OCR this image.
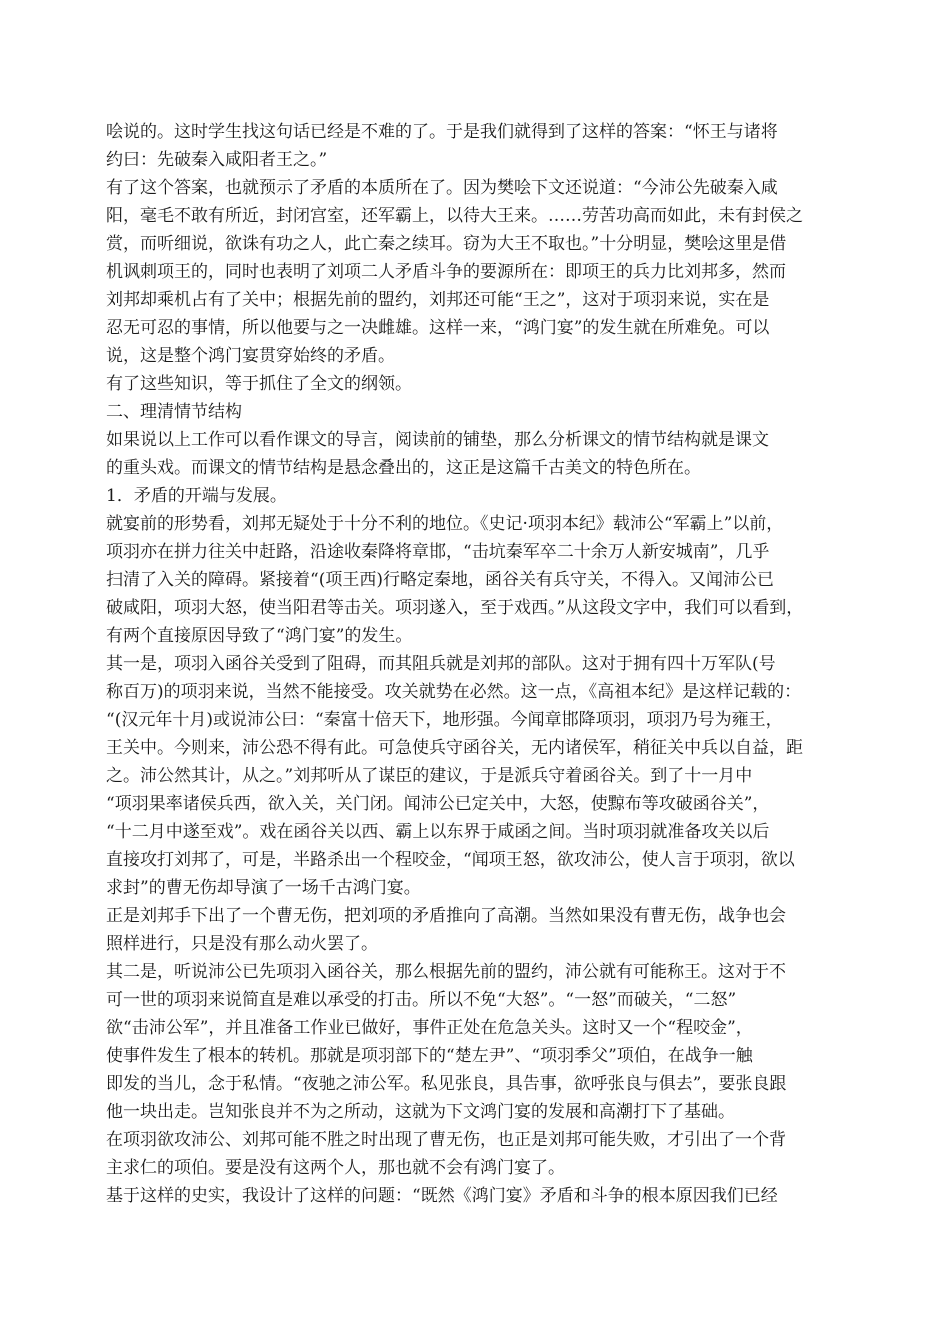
哙说的。这时学生找这句话已经是不难的了。于是我们就得到了这样的答案：“怀王与诸将
约曰：先破秦入咸阳者王之。”
有了这个答案，也就预示了矛盾的本质所在了。因为樊哙下文还说道：“今沛公先破秦入咸
阳，毫毛不敢有所近，封闭宫室，还军霸上，以待大王来。……劳苦功高而如此，未有封侯之
赏，而听细说，欲诛有功之人，此亡秦之续耳。窃为大王不取也。”十分明显，樊哙这里是借
机讽刺项王的，同时也表明了刘项二人矛盾斗争的要源所在：即项王的兵力比刘邦多，然而
刘邦却乘机占有了关中；根据先前的盟约，刘邦还可能“王之”，这对于项羽来说，实在是
忍无可忍的事情，所以他要与之一决雌雄。这样一来，“鸿门宴”的发生就在所难免。可以
说，这是整个鸿门宴贯穿始终的矛盾。
有了这些知识，等于抓住了全文的纲领。
二、理清情节结构
如果说以上工作可以看作课文的导言，阅读前的铺垫，那么分析课文的情节结构就是课文
的重头戏。而课文的情节结构是悬念叠出的，这正是这篇千古美文的特色所在。
1．矛盾的开端与发展。
就宴前的形势看，刘邦无疑处于十分不利的地位。《史记·项羽本纪》载沛公“军霸上”以前，
项羽亦在拼力往关中赶路，沿途收秦降将章邯，“击坑秦军卒二十余万人新安城南”，几乎
扫清了入关的障碍。紧接着“(项王西)行略定秦地，函谷关有兵守关，不得入。又闻沛公已
破咸阳，项羽大怒，使当阳君等击关。项羽遂入，至于戏西。”从这段文字中，我们可以看到，
有两个直接原因导致了“鸿门宴”的发生。
其一是，项羽入函谷关受到了阻碍，而其阻兵就是刘邦的部队。这对于拥有四十万军队(号
称百万)的项羽来说，当然不能接受。攻关就势在必然。这一点，《高祖本纪》是这样记载的：
“(汉元年十月)或说沛公曰：“秦富十倍天下，地形强。今闻章邯降项羽，项羽乃号为雍王，
王关中。今则来，沛公恐不得有此。可急使兵守函谷关，无内诸侯军，稍征关中兵以自益，距
之。沛公然其计，从之。”刘邦听从了谋臣的建议，于是派兵守着函谷关。到了十一月中
“项羽果率诸侯兵西，欲入关，关门闭。闻沛公已定关中，大怒，使黥布等攻破函谷关”，
“十二月中遂至戏”。戏在函谷关以西、霸上以东界于咸函之间。当时项羽就准备攻关以后
直接攻打刘邦了，可是，半路杀出一个程咬金，“闻项王怒，欲攻沛公，使人言于项羽，欲以
求封”的曹无伤却导演了一场千古鸿门宴。
正是刘邦手下出了一个曹无伤，把刘项的矛盾推向了高潮。当然如果没有曹无伤，战争也会
照样进行，只是没有那么动火罢了。
其二是，听说沛公已先项羽入函谷关，那么根据先前的盟约，沛公就有可能称王。这对于不
可一世的项羽来说简直是难以承受的打击。所以不免“大怒”。“一怒”而破关，“二怒”
欲“击沛公军”，并且准备工作业已做好，事件正处在危急关头。这时又一个“程咬金”，
使事件发生了根本的转机。那就是项羽部下的“楚左尹”、“项羽季父”项伯，在战争一触
即发的当儿，念于私情。“夜驰之沛公军。私见张良，具告事，欲呼张良与俱去”，要张良跟
他一块出走。岂知张良并不为之所动，这就为下文鸿门宴的发展和高潮打下了基础。
在项羽欲攻沛公、刘邦可能不胜之时出现了曹无伤，也正是刘邦可能失败，才引出了一个背
主求仁的项伯。要是没有这两个人，那也就不会有鸿门宴了。
基于这样的史实，我设计了这样的问题：“既然《鸿门宴》矛盾和斗争的根本原因我们已经
